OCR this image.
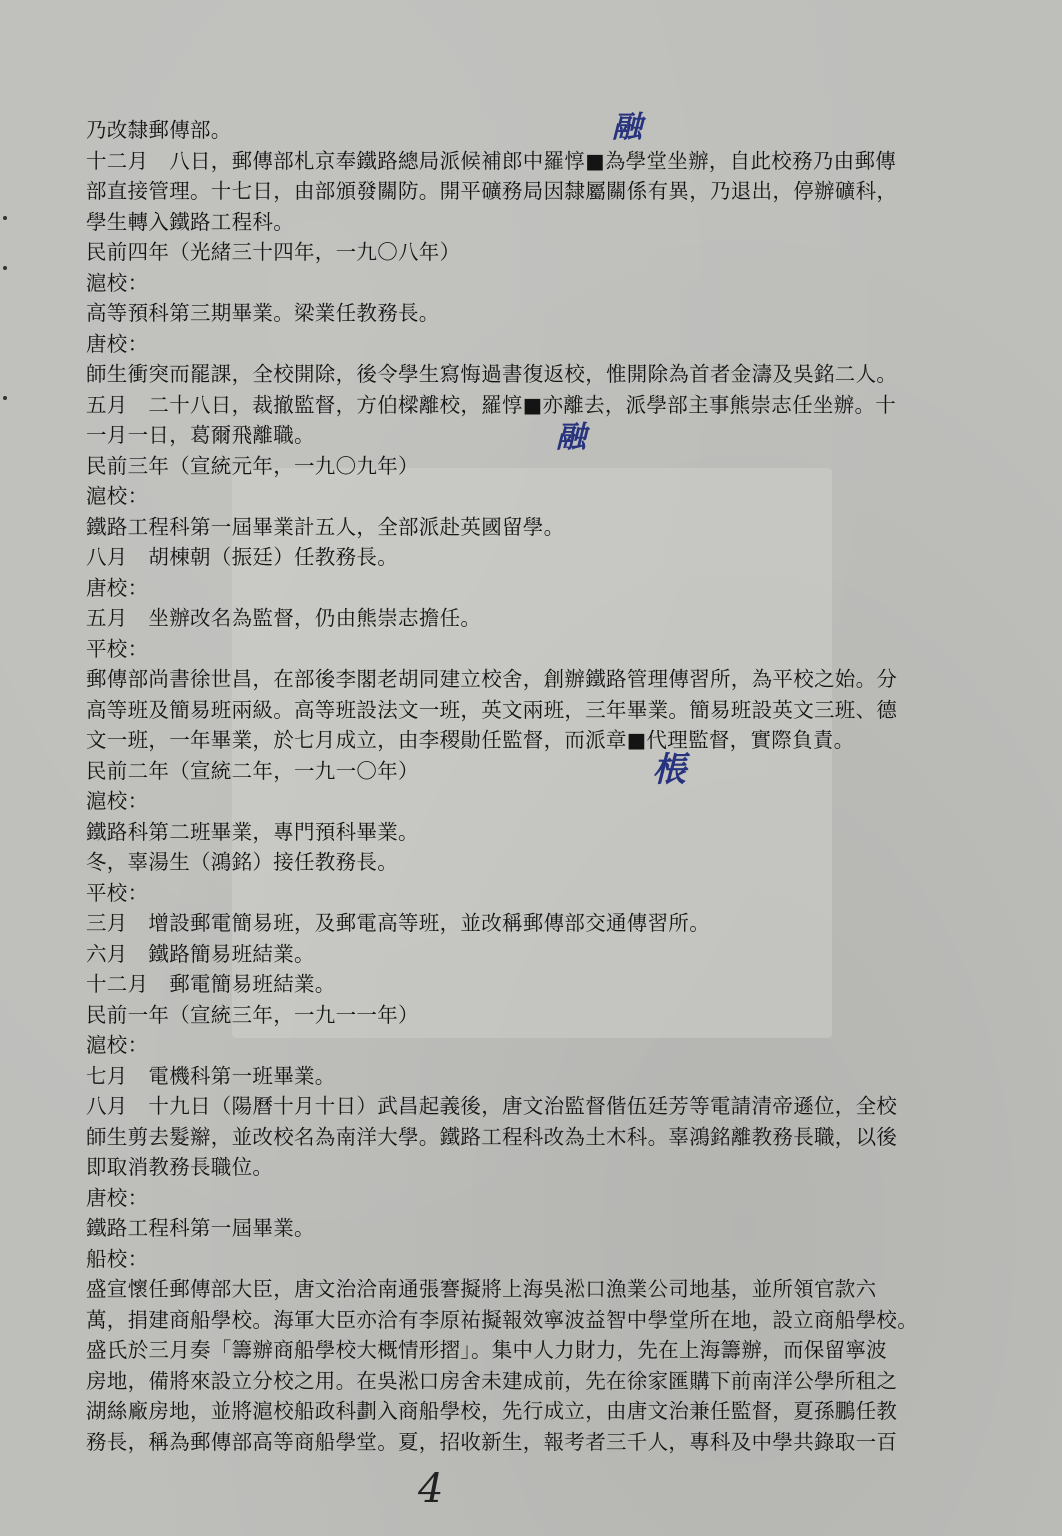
乃改隸郵傳部。
十二月　八日，郵傳部札京奉鐵路總局派候補郎中羅惇■為學堂坐辦，自此校務乃由郵傳
部直接管理。十七日，由部頒發關防。開平礦務局因隸屬關係有異，乃退出，停辦礦科，
學生轉入鐵路工程科。
民前四年（光緒三十四年，一九〇八年）
滬校：
高等預科第三期畢業。梁業任教務長。
唐校：
師生衝突而罷課，全校開除，後令學生寫悔過書復返校，惟開除為首者金濤及吳銘二人。
五月　二十八日，裁撤監督，方伯樑離校，羅惇■亦離去，派學部主事熊崇志任坐辦。十
一月一日，葛爾飛離職。
民前三年（宣統元年，一九〇九年）
滬校：
鐵路工程科第一屆畢業計五人，全部派赴英國留學。
八月　胡棟朝（振廷）任教務長。
唐校：
五月　坐辦改名為監督，仍由熊崇志擔任。
平校：
郵傳部尚書徐世昌，在部後李閣老胡同建立校舍，創辦鐵路管理傳習所，為平校之始。分
高等班及簡易班兩級。高等班設法文一班，英文兩班，三年畢業。簡易班設英文三班、德
文一班，一年畢業，於七月成立，由李稷勛任監督，而派章■代理監督，實際負責。
民前二年（宣統二年，一九一〇年）
滬校：
鐵路科第二班畢業，專門預科畢業。
冬，辜湯生（鴻銘）接任教務長。
平校：
三月　增設郵電簡易班，及郵電高等班，並改稱郵傳部交通傳習所。
六月　鐵路簡易班結業。
十二月　郵電簡易班結業。
民前一年（宣統三年，一九一一年）
滬校：
七月　電機科第一班畢業。
八月　十九日（陽曆十月十日）武昌起義後，唐文治監督偕伍廷芳等電請清帝遜位，全校
師生剪去髮辮，並改校名為南洋大學。鐵路工程科改為土木科。辜鴻銘離教務長職，以後
即取消教務長職位。
唐校：
鐵路工程科第一屆畢業。
船校：
盛宣懷任郵傳部大臣，唐文治洽南通張謇擬將上海吳淞口漁業公司地基，並所領官款六
萬，捐建商船學校。海軍大臣亦洽有李原祐擬報效寧波益智中學堂所在地，設立商船學校。
盛氏於三月奏「籌辦商船學校大概情形摺」。集中人力財力，先在上海籌辦，而保留寧波
房地，備將來設立分校之用。在吳淞口房舍未建成前，先在徐家匯購下前南洋公學所租之
湖絲廠房地，並將滬校船政科劃入商船學校，先行成立，由唐文治兼任監督，夏孫鵬任教
務長，稱為郵傳部高等商船學堂。夏，招收新生，報考者三千人，專科及中學共錄取一百
融
融
棖
4
